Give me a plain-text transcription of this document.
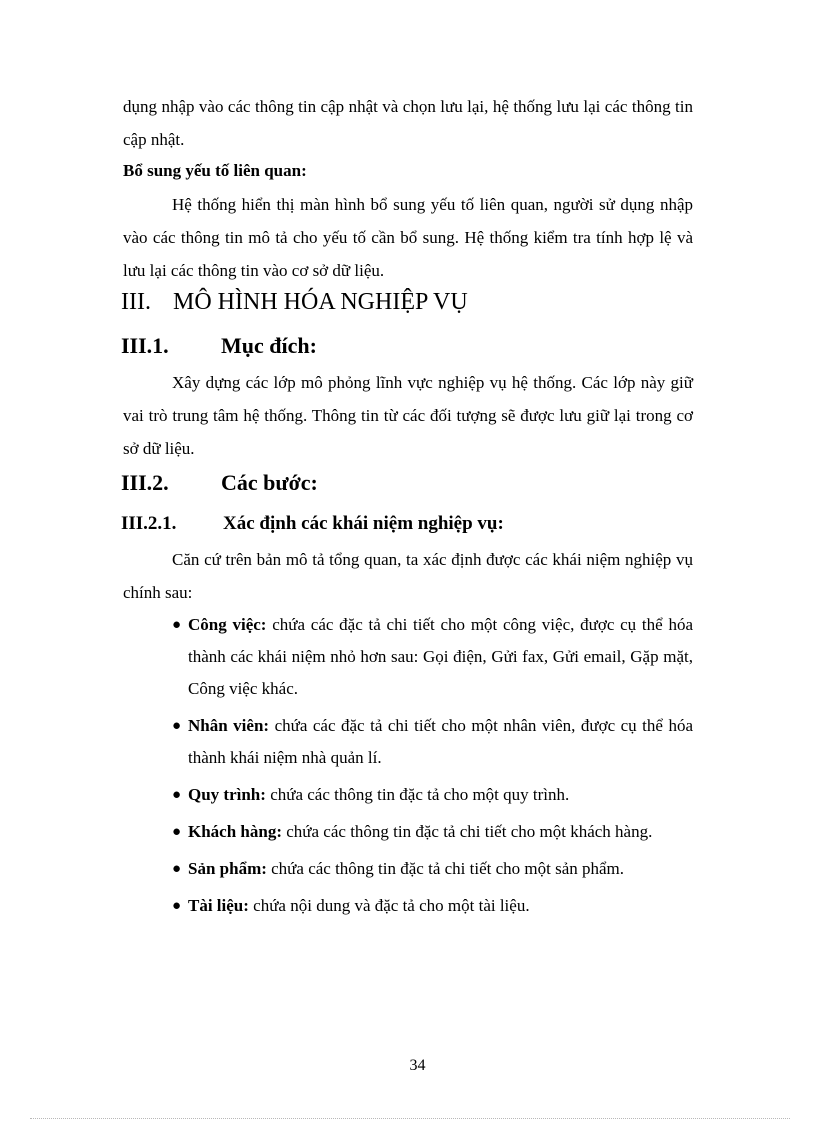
dụng nhập vào các thông tin cập nhật và chọn lưu lại, hệ thống lưu lại các thông tin cập nhật.

Bổ sung yếu tố liên quan:

Hệ thống hiển thị màn hình bổ sung yếu tố liên quan, người sử dụng nhập vào các thông tin mô tả cho yếu tố cần bổ sung. Hệ thống kiểm tra tính hợp lệ và lưu lại các thông tin vào cơ sở dữ liệu.

III. MÔ HÌNH HÓA NGHIỆP VỤ
III.1. Mục đích:

Xây dựng các lớp mô phỏng lĩnh vực nghiệp vụ hệ thống. Các lớp này giữ vai trò trung tâm hệ thống. Thông tin từ các đối tượng sẽ được lưu giữ lại trong cơ sở dữ liệu.

III.2. Các bước:
III.2.1. Xác định các khái niệm nghiệp vụ:

Căn cứ trên bản mô tả tổng quan, ta xác định được các khái niệm nghiệp vụ chính sau:

● Công việc: chứa các đặc tả chi tiết cho một công việc, được cụ thể hóa thành các khái niệm nhỏ hơn sau: Gọi điện, Gửi fax, Gửi email, Gặp mặt, Công việc khác.
● Nhân viên: chứa các đặc tả chi tiết cho một nhân viên, được cụ thể hóa thành khái niệm nhà quản lí.
● Quy trình: chứa các thông tin đặc tả cho một quy trình.
● Khách hàng: chứa các thông tin đặc tả chi tiết cho một khách hàng.
● Sản phẩm: chứa các thông tin đặc tả chi tiết cho một sản phẩm.
● Tài liệu: chứa nội dung và đặc tả cho một tài liệu.
34
